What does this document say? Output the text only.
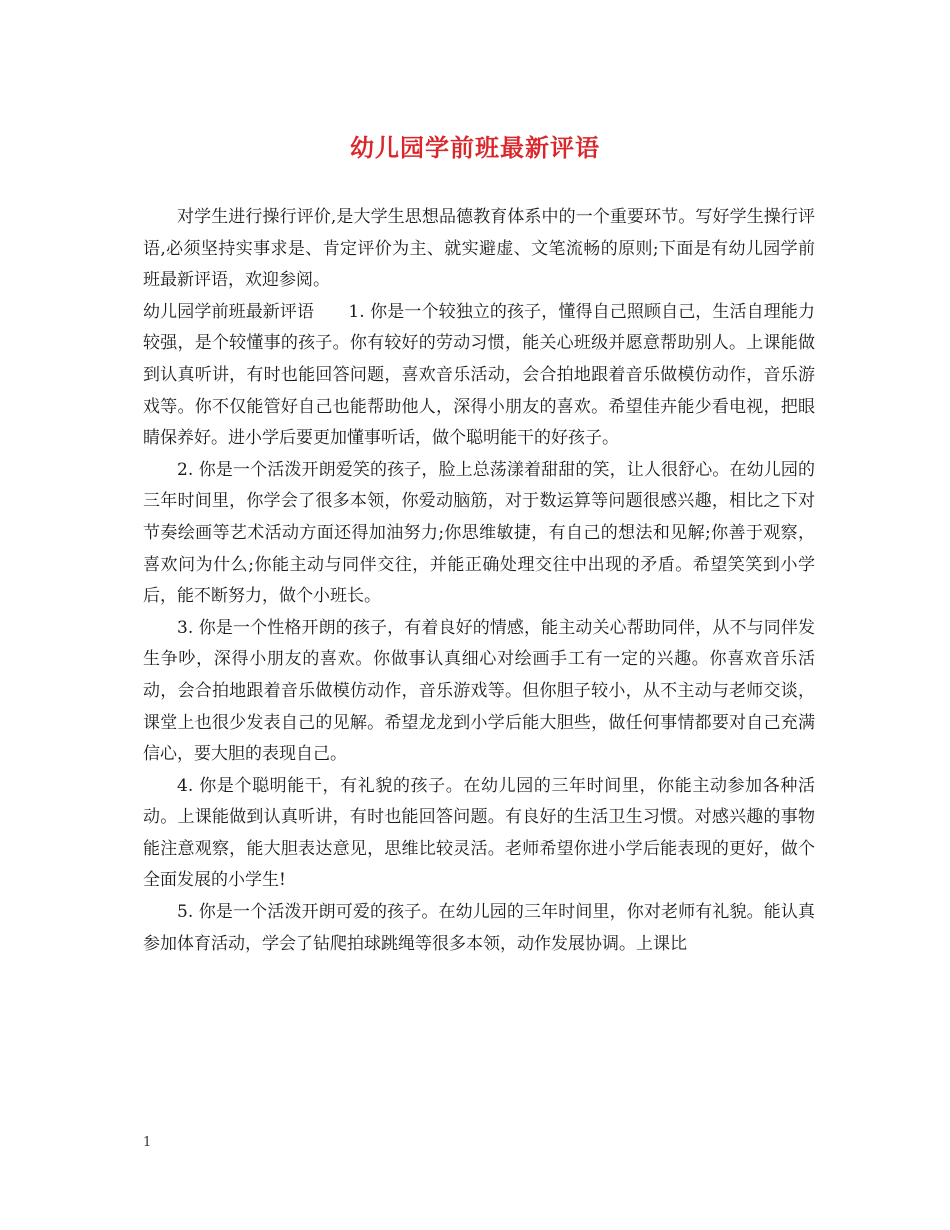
幼儿园学前班最新评语

对学生进行操行评价,是大学生思想品德教育体系中的一个重要环节。写好学生操行评语,必须坚持实事求是、肯定评价为主、就实避虚、文笔流畅的原则;下面是有幼儿园学前班最新评语，欢迎参阅。

幼儿园学前班最新评语　　1. 你是一个较独立的孩子，懂得自己照顾自己，生活自理能力较强，是个较懂事的孩子。你有较好的劳动习惯，能关心班级并愿意帮助别人。上课能做到认真听讲，有时也能回答问题，喜欢音乐活动，会合拍地跟着音乐做模仿动作，音乐游戏等。你不仅能管好自己也能帮助他人，深得小朋友的喜欢。希望佳卉能少看电视，把眼睛保养好。进小学后要更加懂事听话，做个聪明能干的好孩子。

2. 你是一个活泼开朗爱笑的孩子，脸上总荡漾着甜甜的笑，让人很舒心。在幼儿园的三年时间里，你学会了很多本领，你爱动脑筋，对于数运算等问题很感兴趣，相比之下对节奏绘画等艺术活动方面还得加油努力;你思维敏捷，有自己的想法和见解;你善于观察，喜欢问为什么;你能主动与同伴交往，并能正确处理交往中出现的矛盾。希望笑笑到小学后，能不断努力，做个小班长。

3. 你是一个性格开朗的孩子，有着良好的情感，能主动关心帮助同伴，从不与同伴发生争吵，深得小朋友的喜欢。你做事认真细心对绘画手工有一定的兴趣。你喜欢音乐活动，会合拍地跟着音乐做模仿动作，音乐游戏等。但你胆子较小，从不主动与老师交谈，课堂上也很少发表自己的见解。希望龙龙到小学后能大胆些，做任何事情都要对自己充满信心，要大胆的表现自己。

4. 你是个聪明能干，有礼貌的孩子。在幼儿园的三年时间里，你能主动参加各种活动。上课能做到认真听讲，有时也能回答问题。有良好的生活卫生习惯。对感兴趣的事物能注意观察，能大胆表达意见，思维比较灵活。老师希望你进小学后能表现的更好，做个全面发展的小学生!

5. 你是一个活泼开朗可爱的孩子。在幼儿园的三年时间里，你对老师有礼貌。能认真参加体育活动，学会了钻爬拍球跳绳等很多本领，动作发展协调。上课比

1
